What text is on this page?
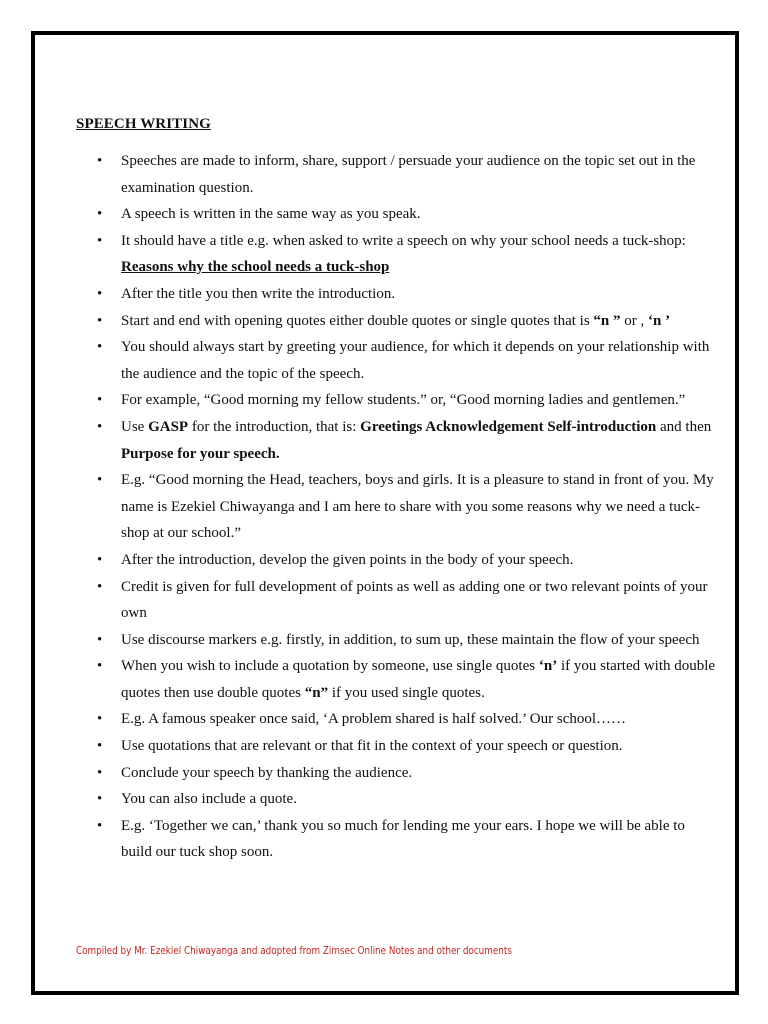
SPEECH WRITING
• Speeches are made to inform, share, support / persuade your audience on the topic set out in the examination question.
• A speech is written in the same way as you speak.
• It should have a title e.g. when asked to write a speech on why your school needs a tuck-shop:
Reasons why the school needs a tuck-shop
• After the title you then write the introduction.
• Start and end with opening quotes either double quotes or single quotes that is “n ” or , ‘n ’
• You should always start by greeting your audience, for which it depends on your relationship with the audience and the topic of the speech.
• For example, “Good morning my fellow students.” or, “Good morning ladies and gentlemen.”
• Use GASP for the introduction, that is: Greetings Acknowledgement Self-introduction and then Purpose for your speech.
• E.g. “Good morning the Head, teachers, boys and girls. It is a pleasure to stand in front of you. My name is Ezekiel Chiwayanga and I am here to share with you some reasons why we need a tuck-shop at our school.”
• After the introduction, develop the given points in the body of your speech.
• Credit is given for full development of points as well as adding one or two relevant points of your own
• Use discourse markers e.g. firstly, in addition, to sum up, these maintain the flow of your speech
• When you wish to include a quotation by someone, use single quotes ‘n’ if you started with double quotes then use double quotes “n” if you used single quotes.
• E.g. A famous speaker once said, ‘A problem shared is half solved.’ Our school……
• Use quotations that are relevant or that fit in the context of your speech or question.
• Conclude your speech by thanking the audience.
• You can also include a quote.
• E.g. ‘Together we can,’ thank you so much for lending me your ears. I hope we will be able to build our tuck shop soon.
Compiled by Mr. Ezekiel Chiwayanga and adopted from Zimsec Online Notes and other documents
